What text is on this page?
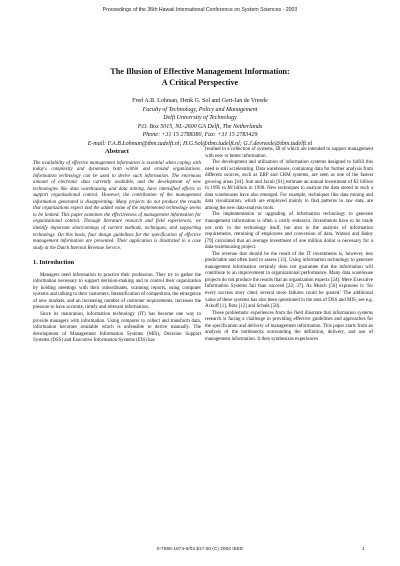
Proceedings of the 36th Hawaii International Conference on System Sciences - 2003
The Illusion of Effective Management Information:
A Critical Perspective
Fred A.B. Lohman, Henk G. Sol and Gert-Jan de Vreede
Faculty of Technology, Policy and Management
Delft University of Technology
P.O. Box 5015, NL-2600 GA Delft, The Netherlands
Phone: +31 15 2788380, Fax: +31 15 2783429
E-mail: F.A.B.Lohman@tbm.tudelft.nl; H.G.Sol@tbm.tudelft.nl; G.J.devreede@tbm.tudelft.nl
Abstract

The availability of effective management information is essential when coping with today's complexity and dynamism both within and around organizations. Information technology can be used to derive such information. The enormous amount of electronic data currently available, and the development of new technologies like data warehousing and data mining, have intensified efforts to support organizational control. However, the contribution of the management information generated is disappointing. Many projects do not produce the results that organizations expect and the added value of the implemented technology seems to be limited. This paper examines the effectiveness of management information for organizational control. Through literature research and field experiences, we identify important shortcomings of current methods, techniques, and supporting technology. On this basis, four design guidelines for the specification of effective management information are presented. Their application is illustrated in a case study at the Dutch Internal Revenue Service.

1. Introduction

Managers need information to practice their profession. They try to gather the information necessary to support decision-making and to control their organization by holding meetings with their subordinates, scanning reports, using computer systems and talking to their customers. Intensification of competition, the emergence of new markets, and an increasing number of customer requirements, increases the pressure to have accurate, timely and relevant information.

Since its maturation, information technology (IT) has become one way to provide managers with information. Using computer to collect and transform data, information becomes available which is unfeasible to derive manually. The development of Management Information Systems (MIS), Decision Support Systems (DSS) and Executive Information Systems (EIS) has

resulted in a collection of systems, all of which are intended to support management with new or better information.

The development and utilization of information systems designed to fulfill this need is still accelerating. Data warehouses, containing data for further analysis from different sources, such as ERP and CRM systems, are seen as one of the fastest growing areas [44]. Sun and Jacob [61] estimate an annual investment of $2 billion in 1995 to $8 billion in 1998. New techniques to analyze the data stored in such a data warehouses have also emerged. For example, techniques like data mining and data visualization, which are employed mainly to find patterns in raw data, are among the new data-analysis tools.

The implementation or upgrading of information technology to generate management information is often a costly endeavor. Investments have to be made not only in the technology itself, but also in the analysis of information requirements, retraining of employees and conversion of data. Watson and Haley [79] calculated that an average investment of one million dollar is necessary for a data-warehousing project.

The revenue that should be the result of the IT investments is, however, less predictable and often hard to assess [13]. Using information technology to generate management information certainly does not guarantee that the information will contribute to an improvement in organizational performance. Many data warehouse projects do not produce the results that an organization expects [24]. Mere Executive Information Systems fail than succeed [22; 37]. As Mutch [50] expresses it: 'for every success story cited, several more failures could be quoted.' The additional value of these systems has also been questioned in the area of DSS and MIS, see e.g. Ackoff [1], Bots [12] and Schaik [58].

These problematic experiences from the field illustrate that information systems research is facing a challenge in providing effective guidelines and approaches for the specification and delivery of management information. This paper starts from an analysis of the bottlenecks surrounding the definition, delivery, and use of management information. It then synthesizes experiences

0-7695-1874-5/03 $17.00 (C) 2003 IEEE	1
